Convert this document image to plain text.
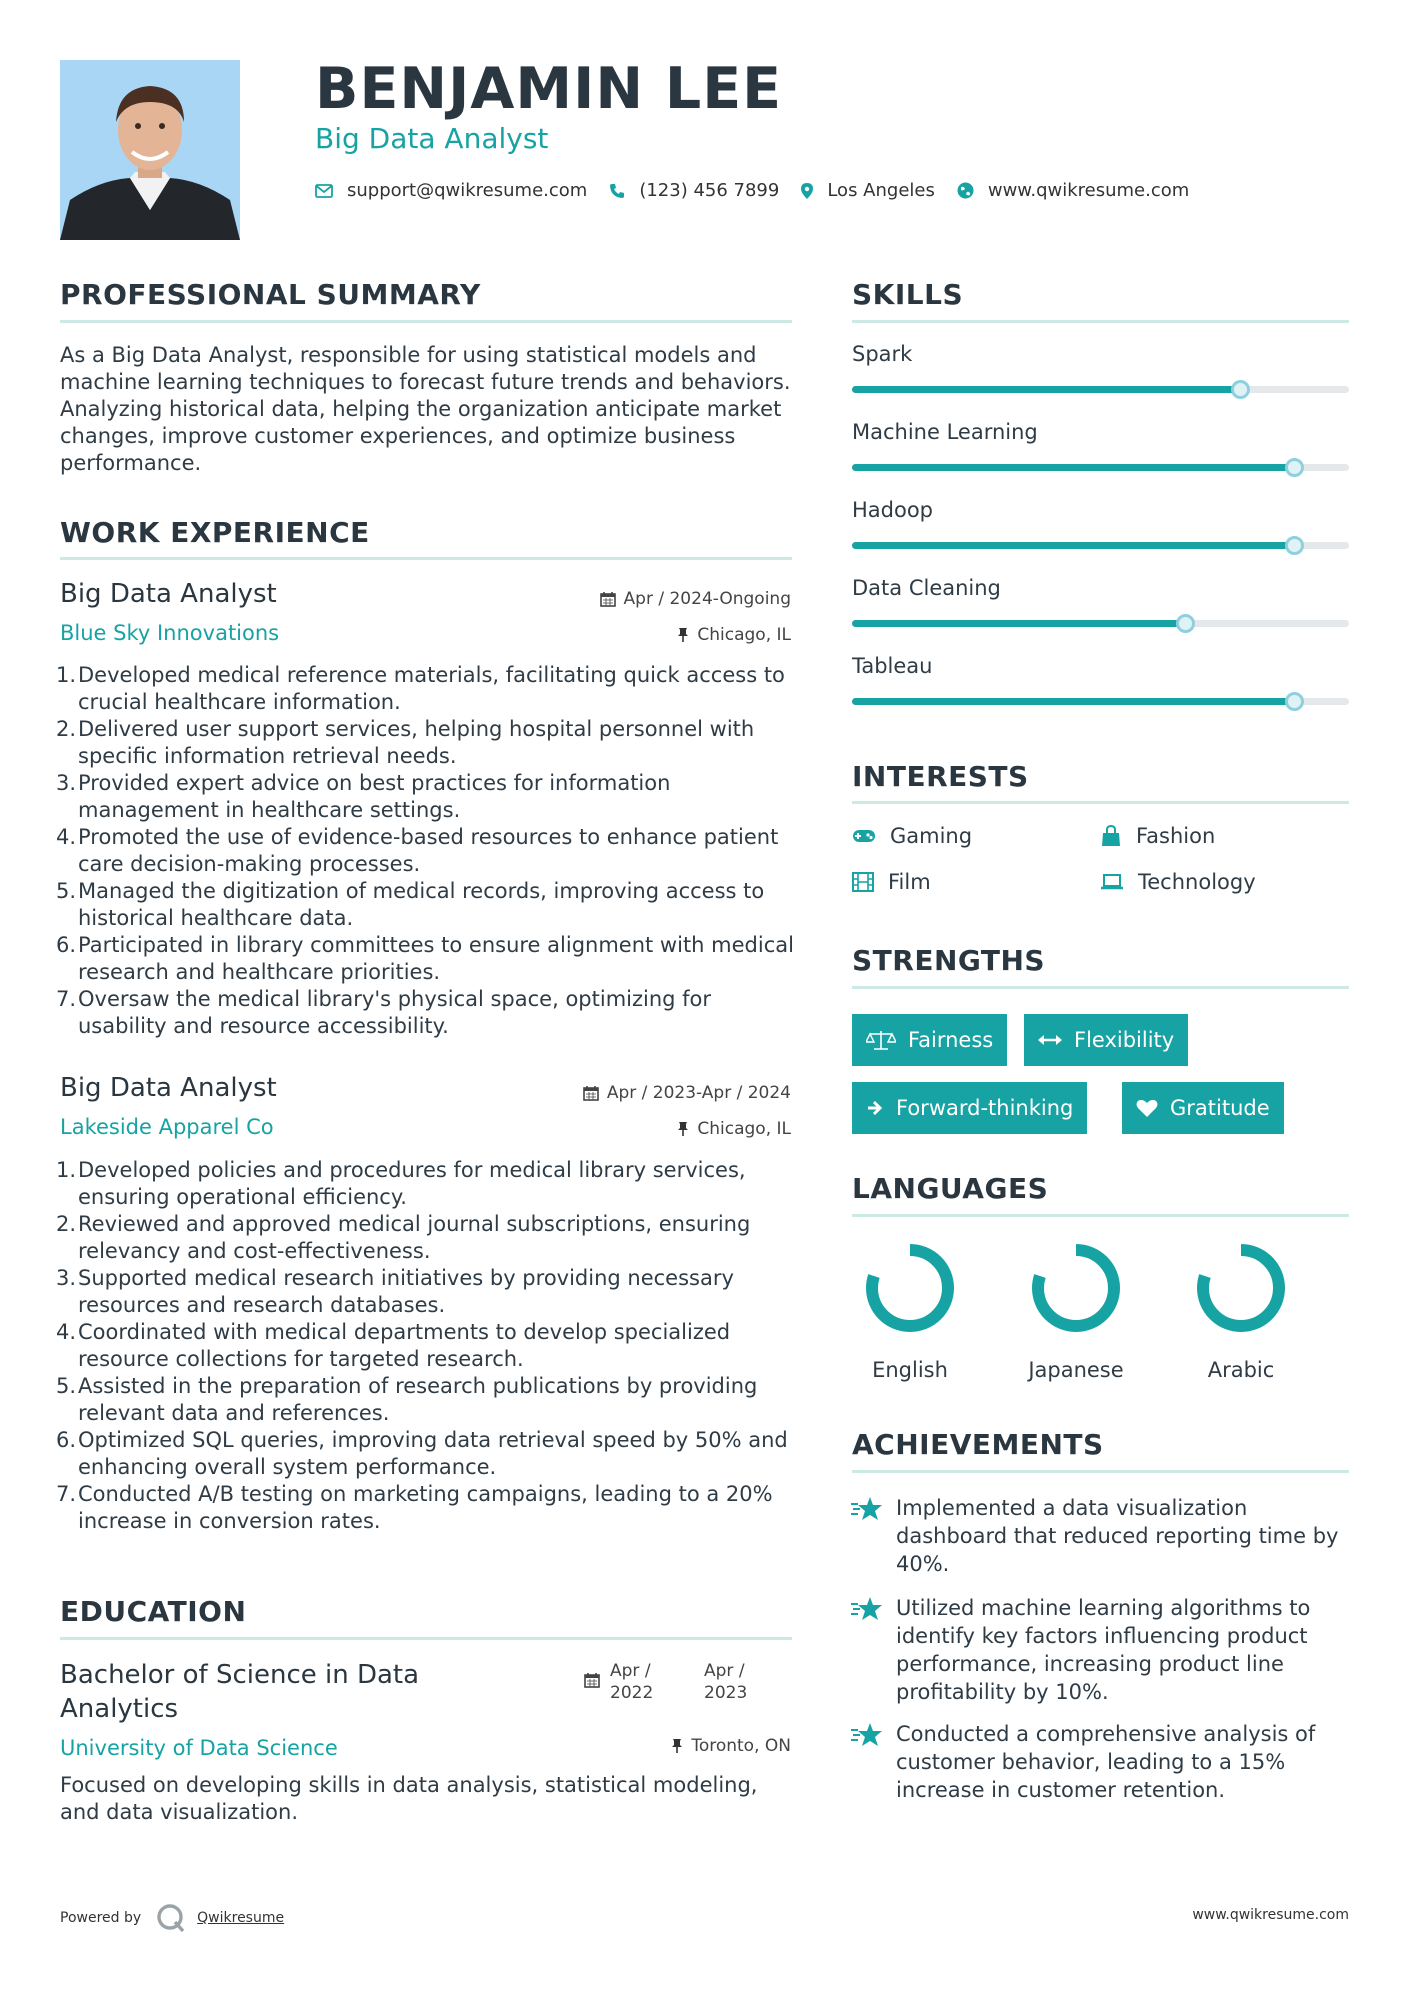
BENJAMIN LEE
Big Data Analyst
support@qwikresume.com	(123) 456 7899	Los Angeles	www.qwikresume.com
PROFESSIONAL SUMMARY
As a Big Data Analyst, responsible for using statistical models and machine learning techniques to forecast future trends and behaviors. Analyzing historical data, helping the organization anticipate market changes, improve customer experiences, and optimize business performance.
WORK EXPERIENCE
Big Data Analyst	Apr / 2024-Ongoing
Blue Sky Innovations	Chicago, IL
1. Developed medical reference materials, facilitating quick access to crucial healthcare information.
2. Delivered user support services, helping hospital personnel with specific information retrieval needs.
3. Provided expert advice on best practices for information management in healthcare settings.
4. Promoted the use of evidence-based resources to enhance patient care decision-making processes.
5. Managed the digitization of medical records, improving access to historical healthcare data.
6. Participated in library committees to ensure alignment with medical research and healthcare priorities.
7. Oversaw the medical library's physical space, optimizing for usability and resource accessibility.
Big Data Analyst	Apr / 2023-Apr / 2024
Lakeside Apparel Co	Chicago, IL
1. Developed policies and procedures for medical library services, ensuring operational efficiency.
2. Reviewed and approved medical journal subscriptions, ensuring relevancy and cost-effectiveness.
3. Supported medical research initiatives by providing necessary resources and research databases.
4. Coordinated with medical departments to develop specialized resource collections for targeted research.
5. Assisted in the preparation of research publications by providing relevant data and references.
6. Optimized SQL queries, improving data retrieval speed by 50% and enhancing overall system performance.
7. Conducted A/B testing on marketing campaigns, leading to a 20% increase in conversion rates.
EDUCATION
Bachelor of Science in Data
Analytics
Apr /
2022
Apr /
2023
University of Data Science	Toronto, ON
Focused on developing skills in data analysis, statistical modeling, and data visualization.
SKILLS
Spark
Machine Learning
Hadoop
Data Cleaning
Tableau
INTERESTS
Gaming	Fashion
Film	Technology
STRENGTHS
Fairness	Flexibility
Forward-thinking	Gratitude
LANGUAGES
English	Japanese	Arabic
ACHIEVEMENTS
Implemented a data visualization dashboard that reduced reporting time by 40%.
Utilized machine learning algorithms to identify key factors influencing product performance, increasing product line profitability by 10%.
Conducted a comprehensive analysis of customer behavior, leading to a 15% increase in customer retention.
Powered by	Qwikresume	www.qwikresume.com
